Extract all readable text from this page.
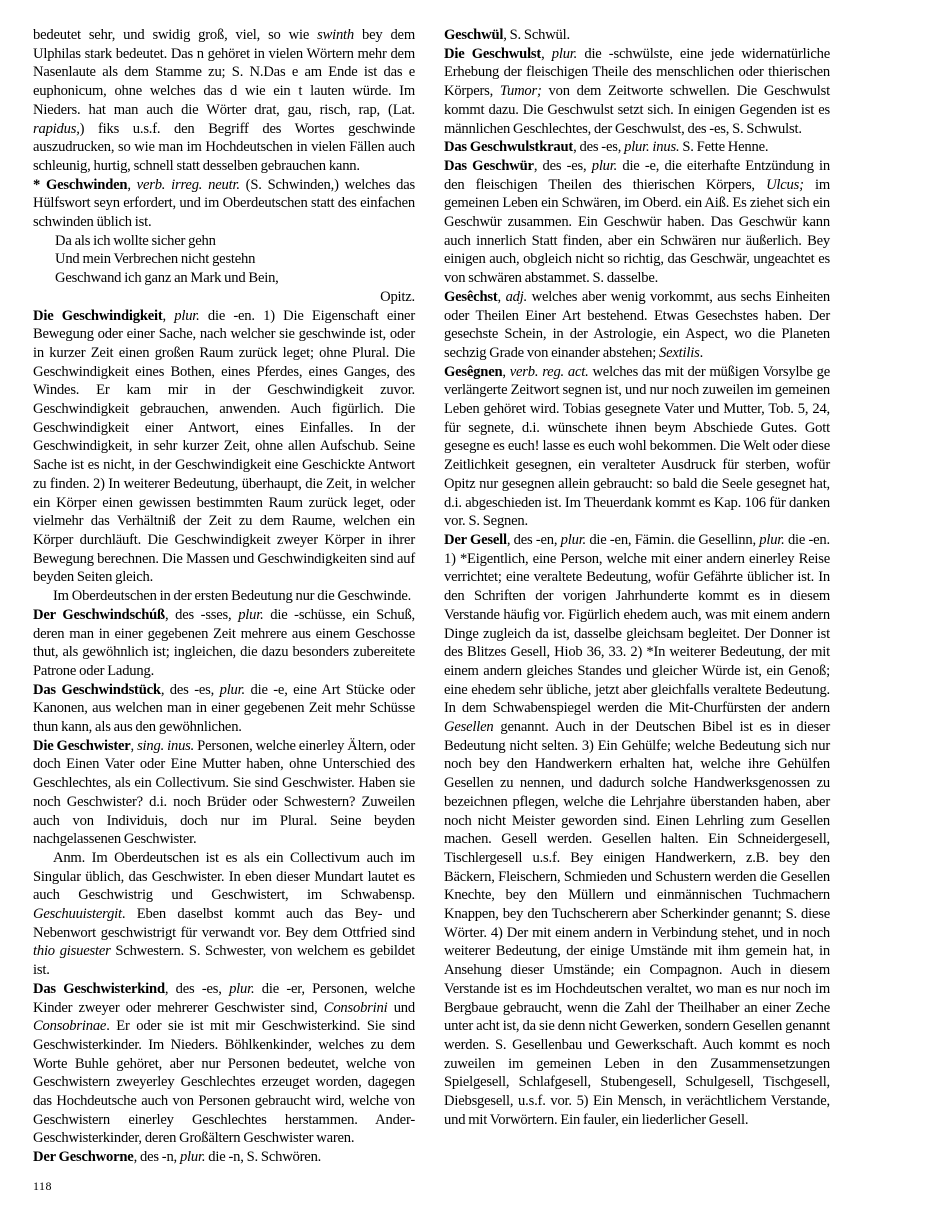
bedeutet sehr, und swidig groß, viel, so wie swinth bey dem Ulphilas stark bedeutet. Das n gehöret in vielen Wörtern mehr dem Nasenlaute als dem Stamme zu; S. N.Das e am Ende ist das e euphonicum, ohne welches das d wie ein t lauten würde. Im Nieders. hat man auch die Wörter drat, gau, risch, rap, (Lat. rapidus,) fiks u.s.f. den Begriff des Wortes geschwinde auszudrucken, so wie man im Hochdeutschen in vielen Fällen auch schleunig, hurtig, schnell statt desselben gebrauchen kann.

* Geschwinden, verb. irreg. neutr. (S. Schwinden,) welches das Hülfswort seyn erfordert, und im Oberdeutschen statt des einfachen schwinden üblich ist.

Da als ich wollte sicher gehn

Und mein Verbrechen nicht gestehn

Geschwand ich ganz an Mark und Bein,

Opitz.

Die Geschwindigkeit, plur. die -en. 1) Die Eigenschaft einer Bewegung oder einer Sache, nach welcher sie geschwinde ist, oder in kurzer Zeit einen großen Raum zurück leget; ohne Plural. Die Geschwindigkeit eines Bothen, eines Pferdes, eines Ganges, des Windes. Er kam mir in der Geschwindigkeit zuvor. Geschwindigkeit gebrauchen, anwenden. Auch figürlich. Die Geschwindigkeit einer Antwort, eines Einfalles. In der Geschwindigkeit, in sehr kurzer Zeit, ohne allen Aufschub. Seine Sache ist es nicht, in der Geschwindigkeit eine Geschickte Antwort zu finden. 2) In weiterer Bedeutung, überhaupt, die Zeit, in welcher ein Körper einen gewissen bestimmten Raum zurück leget, oder vielmehr das Verhältniß der Zeit zu dem Raume, welchen ein Körper durchläuft. Die Geschwindigkeit zweyer Körper in ihrer Bewegung berechnen. Die Massen und Geschwindigkeiten sind auf beyden Seiten gleich.

Im Oberdeutschen in der ersten Bedeutung nur die Geschwinde.

Der Geschwindschúß, des -sses, plur. die -schüsse, ein Schuß, deren man in einer gegebenen Zeit mehrere aus einem Geschosse thut, als gewöhnlich ist; ingleichen, die dazu besonders zubereitete Patrone oder Ladung.

Das Geschwindstück, des -es, plur. die -e, eine Art Stücke oder Kanonen, aus welchen man in einer gegebenen Zeit mehr Schüsse thun kann, als aus den gewöhnlichen.

Die Geschwister, sing. inus. Personen, welche einerley Ältern, oder doch Einen Vater oder Eine Mutter haben, ohne Unterschied des Geschlechtes, als ein Collectivum. Sie sind Geschwister. Haben sie noch Geschwister? d.i. noch Brüder oder Schwestern? Zuweilen auch von Individuis, doch nur im Plural. Seine beyden nachgelassenen Geschwister.

Anm. Im Oberdeutschen ist es als ein Collectivum auch im Singular üblich, das Geschwister. In eben dieser Mundart lautet es auch Geschwistrig und Geschwistert, im Schwabensp. Geschuuistergit. Eben daselbst kommt auch das Bey- und Nebenwort geschwistrigt für verwandt vor. Bey dem Ottfried sind thio gisuester Schwestern. S. Schwester, von welchem es gebildet ist.

Das Geschwisterkind, des -es, plur. die -er, Personen, welche Kinder zweyer oder mehrerer Geschwister sind, Consobrini und Consobrinae. Er oder sie ist mit mir Geschwisterkind. Sie sind Geschwisterkinder. Im Nieders. Böhlkenkinder, welches zu dem Worte Buhle gehöret, aber nur Personen bedeutet, welche von Geschwistern zweyerley Geschlechtes erzeuget worden, dagegen das Hochdeutsche auch von Personen gebraucht wird, welche von Geschwistern einerley Geschlechtes herstammen. Ander-Geschwisterkinder, deren Großältern Geschwister waren.

Der Geschworne, des -n, plur. die -n, S. Schwören.

Geschwül, S. Schwül.

Die Geschwulst, plur. die -schwülste, eine jede widernatürliche Erhebung der fleischigen Theile des menschlichen oder thierischen Körpers, Tumor; von dem Zeitworte schwellen. Die Geschwulst kommt dazu. Die Geschwulst setzt sich. In einigen Gegenden ist es männlichen Geschlechtes, der Geschwulst, des -es, S. Schwulst.

Das Geschwulstkraut, des -es, plur. inus. S. Fette Henne.

Das Geschwür, des -es, plur. die -e, die eiterhafte Entzündung in den fleischigen Theilen des thierischen Körpers, Ulcus; im gemeinen Leben ein Schwären, im Oberd. ein Aiß. Es ziehet sich ein Geschwür zusammen. Ein Geschwür haben. Das Geschwür kann auch innerlich Statt finden, aber ein Schwären nur äußerlich. Bey einigen auch, obgleich nicht so richtig, das Geschwär, ungeachtet es von schwären abstammet. S. dasselbe.

Gesêchst, adj. welches aber wenig vorkommt, aus sechs Einheiten oder Theilen Einer Art bestehend. Etwas Gesechstes haben. Der gesechste Schein, in der Astrologie, ein Aspect, wo die Planeten sechzig Grade von einander abstehen; Sextilis.

Gesêgnen, verb. reg. act. welches das mit der müßigen Vorsylbe ge verlängerte Zeitwort segnen ist, und nur noch zuweilen im gemeinen Leben gehöret wird. Tobias gesegnete Vater und Mutter, Tob. 5, 24, für segnete, d.i. wünschete ihnen beym Abschiede Gutes. Gott gesegne es euch! lasse es euch wohl bekommen. Die Welt oder diese Zeitlichkeit gesegnen, ein veralteter Ausdruck für sterben, wofür Opitz nur gesegnen allein gebraucht: so bald die Seele gesegnet hat, d.i. abgeschieden ist. Im Theuerdank kommt es Kap. 106 für danken vor. S. Segnen.

Der Gesell, des -en, plur. die -en, Fämin. die Gesellinn, plur. die -en. 1) *Eigentlich, eine Person, welche mit einer andern einerley Reise verrichtet; eine veraltete Bedeutung, wofür Gefährte üblicher ist. In den Schriften der vorigen Jahrhunderte kommt es in diesem Verstande häufig vor. Figürlich ehedem auch, was mit einem andern Dinge zugleich da ist, dasselbe gleichsam begleitet. Der Donner ist des Blitzes Gesell, Hiob 36, 33. 2) *In weiterer Bedeutung, der mit einem andern gleiches Standes und gleicher Würde ist, ein Genoß; eine ehedem sehr übliche, jetzt aber gleichfalls veraltete Bedeutung. In dem Schwabenspiegel werden die Mit-Churfürsten der andern Gesellen genannt. Auch in der Deutschen Bibel ist es in dieser Bedeutung nicht selten. 3) Ein Gehülfe; welche Bedeutung sich nur noch bey den Handwerkern erhalten hat, welche ihre Gehülfen Gesellen zu nennen, und dadurch solche Handwerksgenossen zu bezeichnen pflegen, welche die Lehrjahre überstanden haben, aber noch nicht Meister geworden sind. Einen Lehrling zum Gesellen machen. Gesell werden. Gesellen halten. Ein Schneidergesell, Tischlergesell u.s.f. Bey einigen Handwerkern, z.B. bey den Bäckern, Fleischern, Schmieden und Schustern werden die Gesellen Knechte, bey den Müllern und einmännischen Tuchmachern Knappen, bey den Tuchscherern aber Scherkinder genannt; S. diese Wörter. 4) Der mit einem andern in Verbindung stehet, und in noch weiterer Bedeutung, der einige Umstände mit ihm gemein hat, in Ansehung dieser Umstände; ein Compagnon. Auch in diesem Verstande ist es im Hochdeutschen veraltet, wo man es nur noch im Bergbaue gebraucht, wenn die Zahl der Theilhaber an einer Zeche unter acht ist, da sie denn nicht Gewerken, sondern Gesellen genannt werden. S. Gesellenbau und Gewerkschaft. Auch kommt es noch zuweilen im gemeinen Leben in den Zusammensetzungen Spielgesell, Schlafgesell, Stubengesell, Schulgesell, Tischgesell, Diebsgesell, u.s.f. vor. 5) Ein Mensch, in verächtlichem Verstande, und mit Vorwörtern. Ein fauler, ein liederlicher Gesell.

118
